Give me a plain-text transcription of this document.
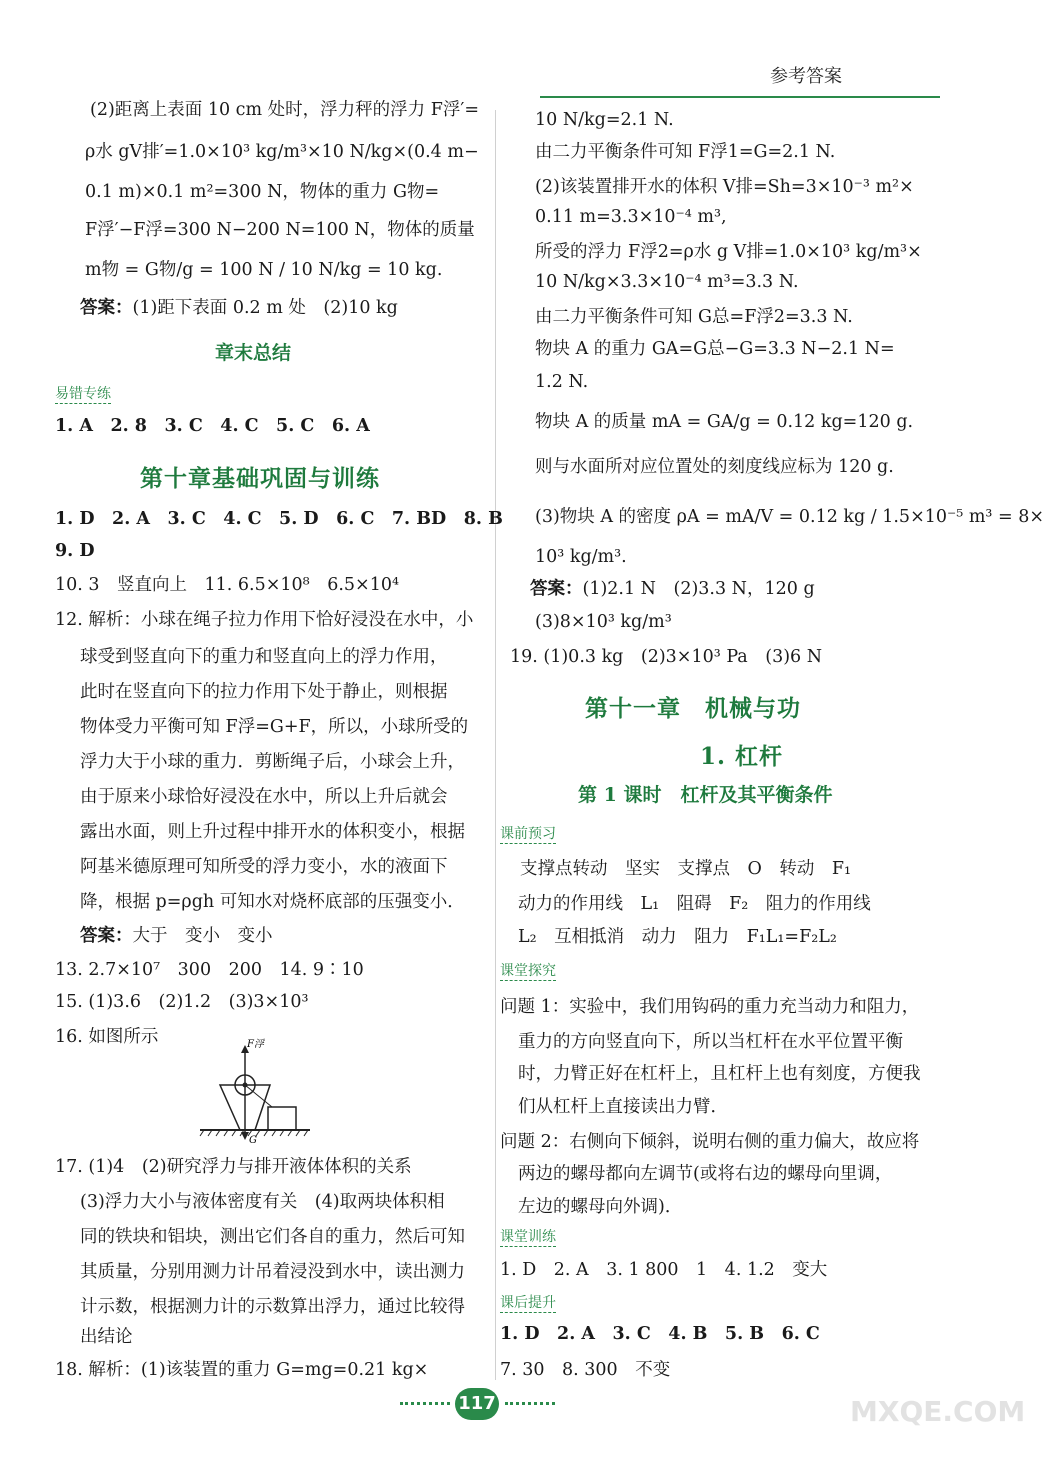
参考答案
(2)距离上表面 10 cm 处时，浮力秤的浮力 F浮′=
ρ水 gV排′=1.0×10³ kg/m³×10 N/kg×(0.4 m−
0.1 m)×0.1 m²=300 N，物体的重力 G物=
F浮′−F浮=300 N−200 N=100 N，物体的质量
m物 = G物/g = 100 N / 10 N/kg = 10 kg.
答案：(1)距下表面 0.2 m 处　(2)10 kg
章末总结
易错专练
1. A　2. 8　3. C　4. C　5. C　6. A
第十章基础巩固与训练
1. D　2. A　3. C　4. C　5. D　6. C　7. BD　8. B
9. D
10. 3　竖直向上　11. 6.5×10⁸　6.5×10⁴
12. 解析：小球在绳子拉力作用下恰好浸没在水中，小
球受到竖直向下的重力和竖直向上的浮力作用，
此时在竖直向下的拉力作用下处于静止，则根据
物体受力平衡可知 F浮=G+F，所以，小球所受的
浮力大于小球的重力．剪断绳子后，小球会上升，
由于原来小球恰好浸没在水中，所以上升后就会
露出水面，则上升过程中排开水的体积变小，根据
阿基米德原理可知所受的浮力变小，水的液面下
降，根据 p=ρgh 可知水对烧杯底部的压强变小．
答案：大于　变小　变小
13. 2.7×10⁷　300　200　14. 9∶10
15. (1)3.6　(2)1.2　(3)3×10³
16. 如图所示	F浮
G
17. (1)4　(2)研究浮力与排开液体体积的关系
(3)浮力大小与液体密度有关　(4)取两块体积相
同的铁块和铝块，测出它们各自的重力，然后可知
其质量，分别用测力计吊着浸没到水中，读出测力
计示数，根据测力计的示数算出浮力，通过比较得
出结论
18. 解析：(1)该装置的重力 G=mg=0.21 kg×
10 N/kg=2.1 N.
由二力平衡条件可知 F浮1=G=2.1 N.
(2)该装置排开水的体积 V排=Sh=3×10⁻³ m²×
0.11 m=3.3×10⁻⁴ m³,
所受的浮力 F浮2=ρ水 g V排=1.0×10³ kg/m³×
10 N/kg×3.3×10⁻⁴ m³=3.3 N.
由二力平衡条件可知 G总=F浮2=3.3 N.
物块 A 的重力 GA=G总−G=3.3 N−2.1 N=
1.2 N.
物块 A 的质量 mA = GA/g = 0.12 kg=120 g.
则与水面所对应位置处的刻度线应标为 120 g.
(3)物块 A 的密度 ρA = mA/V = 0.12 kg / 1.5×10⁻⁵ m³ = 8×
10³ kg/m³.
答案：(1)2.1 N　(2)3.3 N，120 g
(3)8×10³ kg/m³
19. (1)0.3 kg　(2)3×10³ Pa　(3)6 N
第十一章　机械与功
1. 杠杆
第 1 课时　杠杆及其平衡条件
课前预习
支撑点转动　坚实　支撑点　O　转动　F₁
动力的作用线　L₁　阻碍　F₂　阻力的作用线
L₂　互相抵消　动力　阻力　F₁L₁=F₂L₂
课堂探究
问题 1：实验中，我们用钩码的重力充当动力和阻力，
重力的方向竖直向下，所以当杠杆在水平位置平衡
时，力臂正好在杠杆上，且杠杆上也有刻度，方便我
们从杠杆上直接读出力臂．
问题 2：右侧向下倾斜，说明右侧的重力偏大，故应将
两边的螺母都向左调节(或将右边的螺母向里调，
左边的螺母向外调)．
课堂训练
1. D　2. A　3. 1 800　1　4. 1.2　变大
课后提升
1. D　2. A　3. C　4. B　5. B　6. C
7. 30　8. 300　不变
117	MXQE.COM
